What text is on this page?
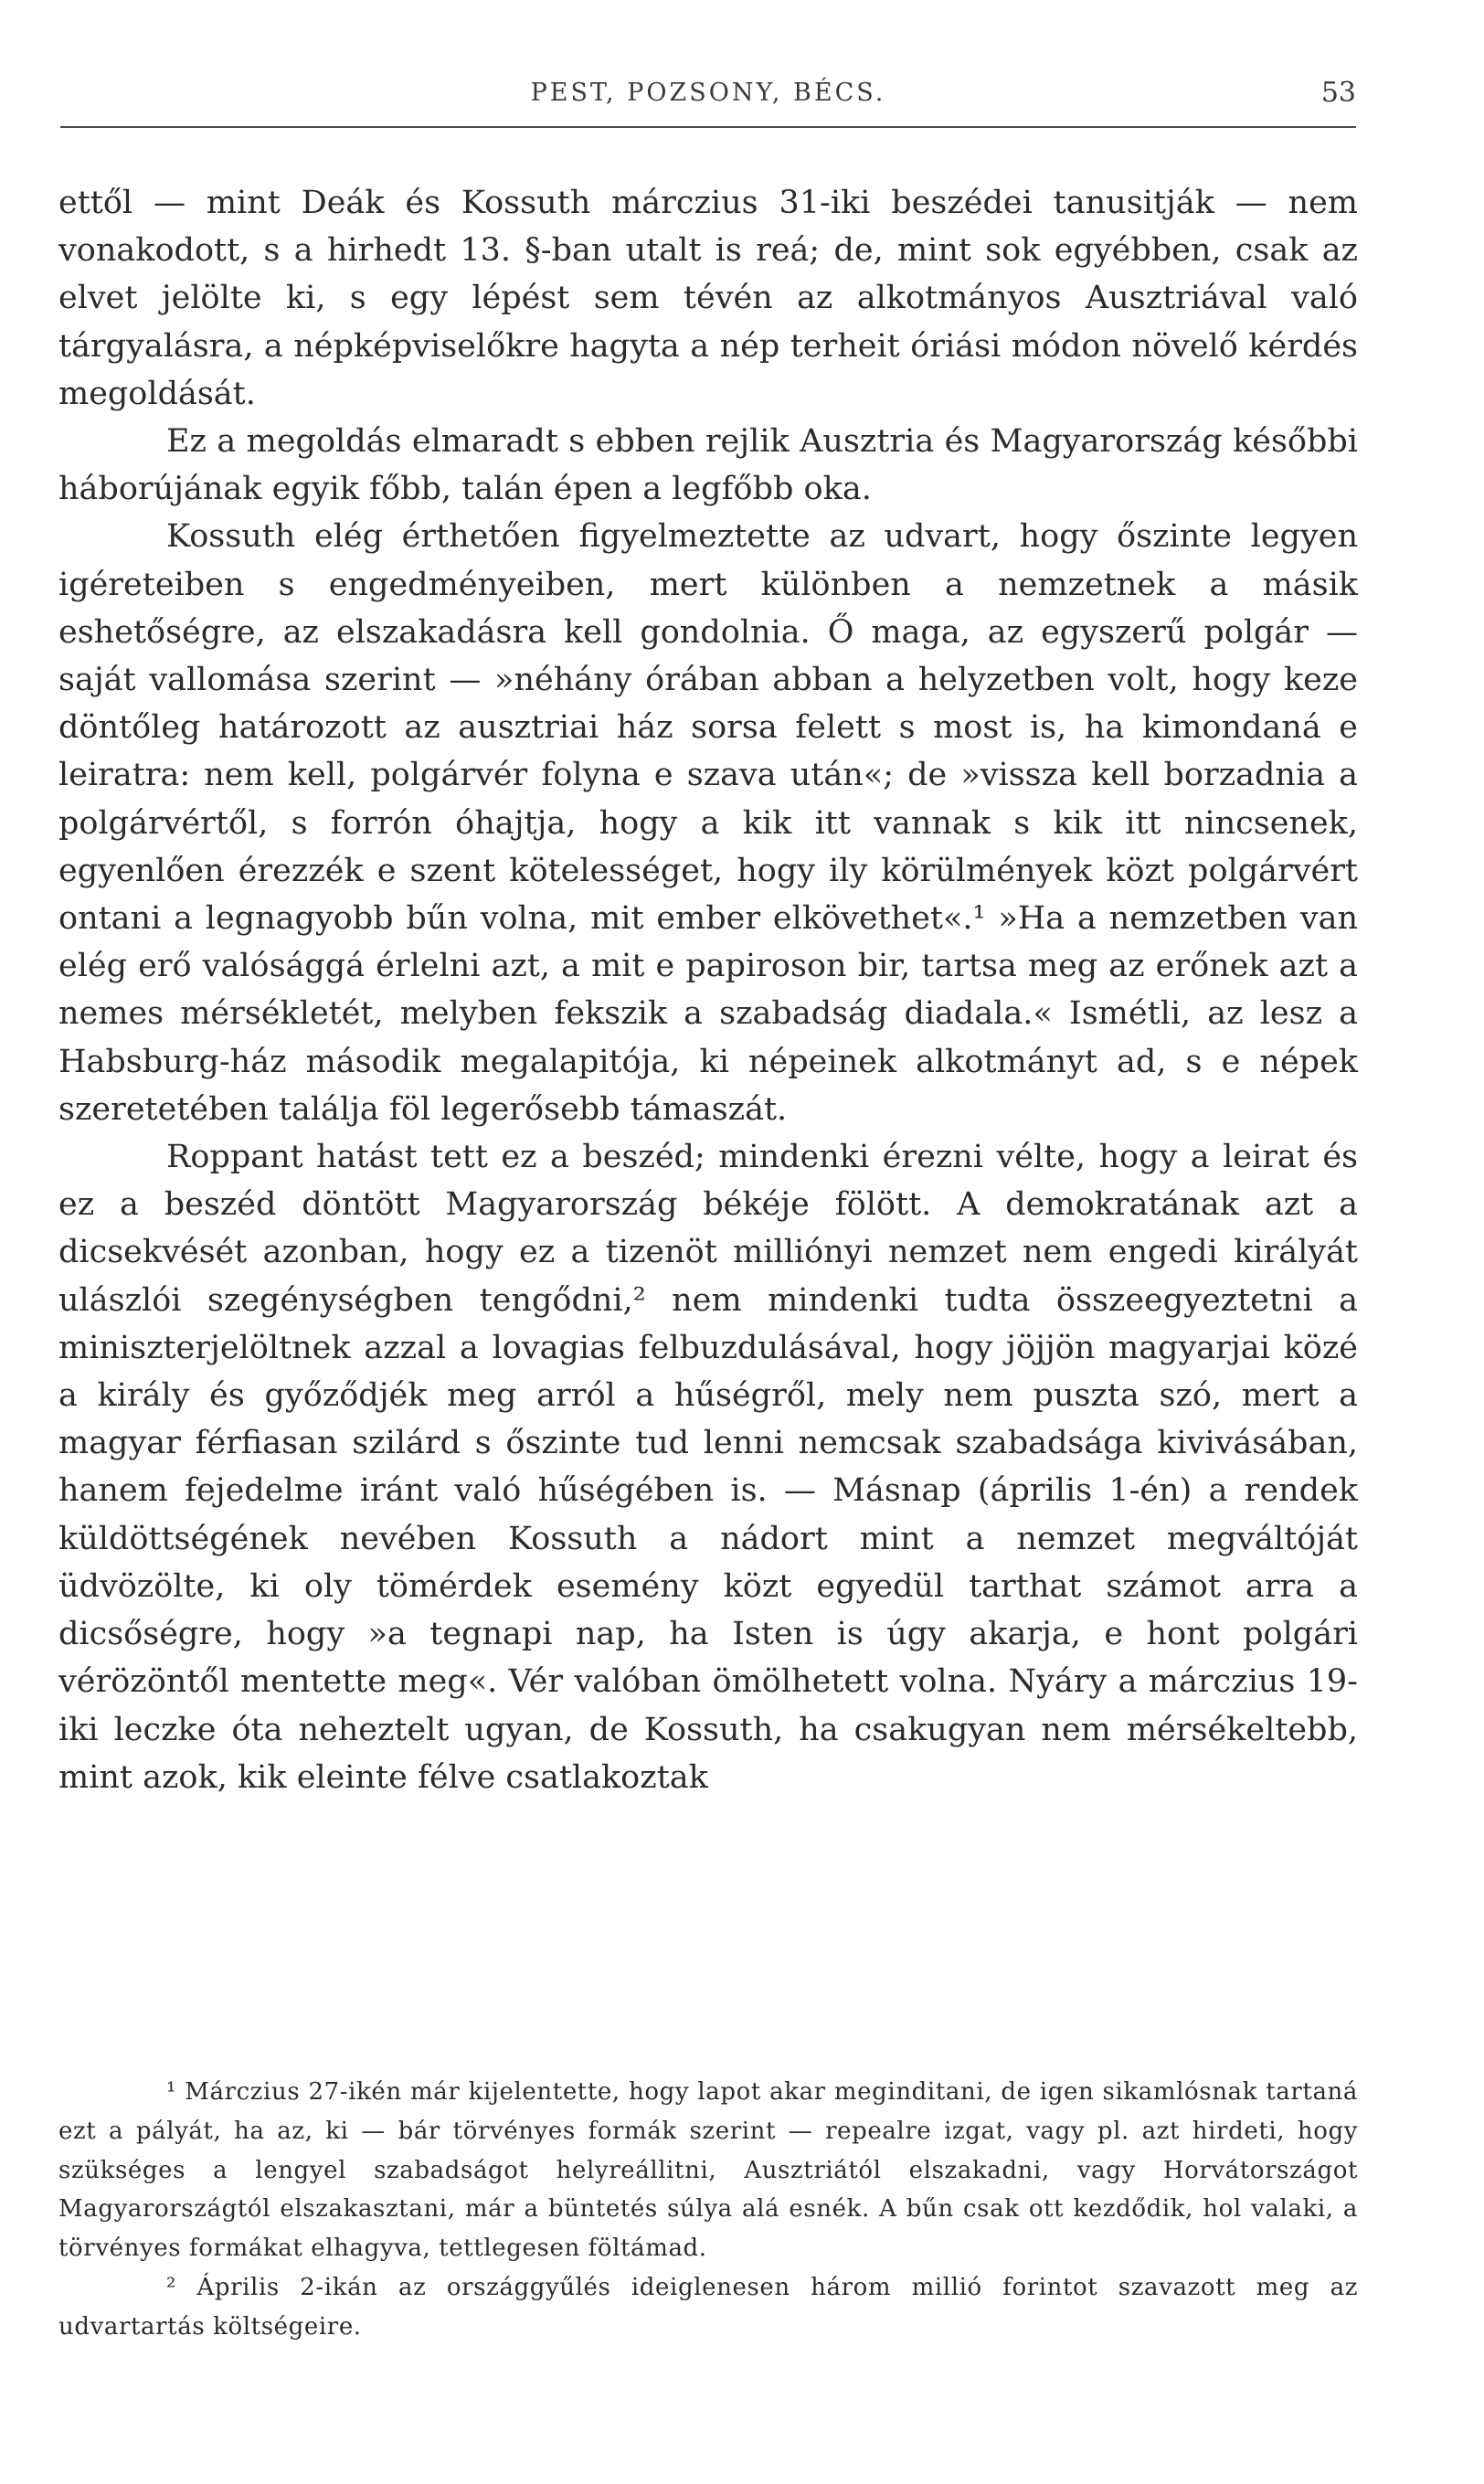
PEST, POZSONY, BÉCS.	53

ettől — mint Deák és Kossuth márczius 31-iki beszédei tanusitják — nem vonakodott, s a hirhedt 13. §-ban utalt is reá; de, mint sok egyébben, csak az elvet jelölte ki, s egy lépést sem tévén az alkotmányos Ausztriával való tárgyalásra, a népképviselőkre hagyta a nép terheit óriási módon növelő kérdés megoldását.

Ez a megoldás elmaradt s ebben rejlik Ausztria és Magyarország későbbi háborújának egyik főbb, talán épen a legfőbb oka.

Kossuth elég érthetően figyelmeztette az udvart, hogy őszinte legyen igéreteiben s engedményeiben, mert különben a nemzetnek a másik eshetőségre, az elszakadásra kell gondolnia. Ő maga, az egyszerű polgár — saját vallomása szerint — »néhány órában abban a helyzetben volt, hogy keze döntőleg határozott az ausztriai ház sorsa felett s most is, ha kimondaná e leiratra: nem kell, polgárvér folyna e szava után«; de »vissza kell borzadnia a polgárvértől, s forrón óhajtja, hogy a kik itt vannak s kik itt nincsenek, egyenlően érezzék e szent kötelességet, hogy ily körülmények közt polgárvért ontani a legnagyobb bűn volna, mit ember elkövethet«.¹ »Ha a nemzetben van elég erő valósággá érlelni azt, a mit e papiroson bir, tartsa meg az erőnek azt a nemes mérsékletét, melyben fekszik a szabadság diadala.« Ismétli, az lesz a Habsburg-ház második megalapitója, ki népeinek alkotmányt ad, s e népek szeretetében találja föl legerősebb támaszát.

Roppant hatást tett ez a beszéd; mindenki érezni vélte, hogy a leirat és ez a beszéd döntött Magyarország békéje fölött. A demokratának azt a dicsekvését azonban, hogy ez a tizenöt milliónyi nemzet nem engedi királyát ulászlói szegénységben tengődni,² nem mindenki tudta összeegyeztetni a miniszterjelöltnek azzal a lovagias felbuzdulásával, hogy jöjjön magyarjai közé a király és győződjék meg arról a hűségről, mely nem puszta szó, mert a magyar férfiasan szilárd s őszinte tud lenni nemcsak szabadsága kivivásában, hanem fejedelme iránt való hűségében is. — Másnap (április 1-én) a rendek küldöttségének nevében Kossuth a nádort mint a nemzet megváltóját üdvözölte, ki oly tömérdek esemény közt egyedül tarthat számot arra a dicsőségre, hogy »a tegnapi nap, ha Isten is úgy akarja, e hont polgári vérözöntől mentette meg«. Vér valóban ömölhetett volna. Nyáry a márczius 19-iki leczke óta neheztelt ugyan, de Kossuth, ha csakugyan nem mérsékeltebb, mint azok, kik eleinte félve csatlakoztak

¹ Márczius 27-ikén már kijelentette, hogy lapot akar meginditani, de igen sikamlósnak tartaná ezt a pályát, ha az, ki — bár törvényes formák szerint — repealre izgat, vagy pl. azt hirdeti, hogy szükséges a lengyel szabadságot helyreállitni, Ausztriától elszakadni, vagy Horvátországot Magyarországtól elszakasztani, már a büntetés súlya alá esnék. A bűn csak ott kezdődik, hol valaki, a törvényes formákat elhagyva, tettlegesen föltámad.

² Április 2-ikán az országgyűlés ideiglenesen három millió forintot szavazott meg az udvartartás költségeire.
